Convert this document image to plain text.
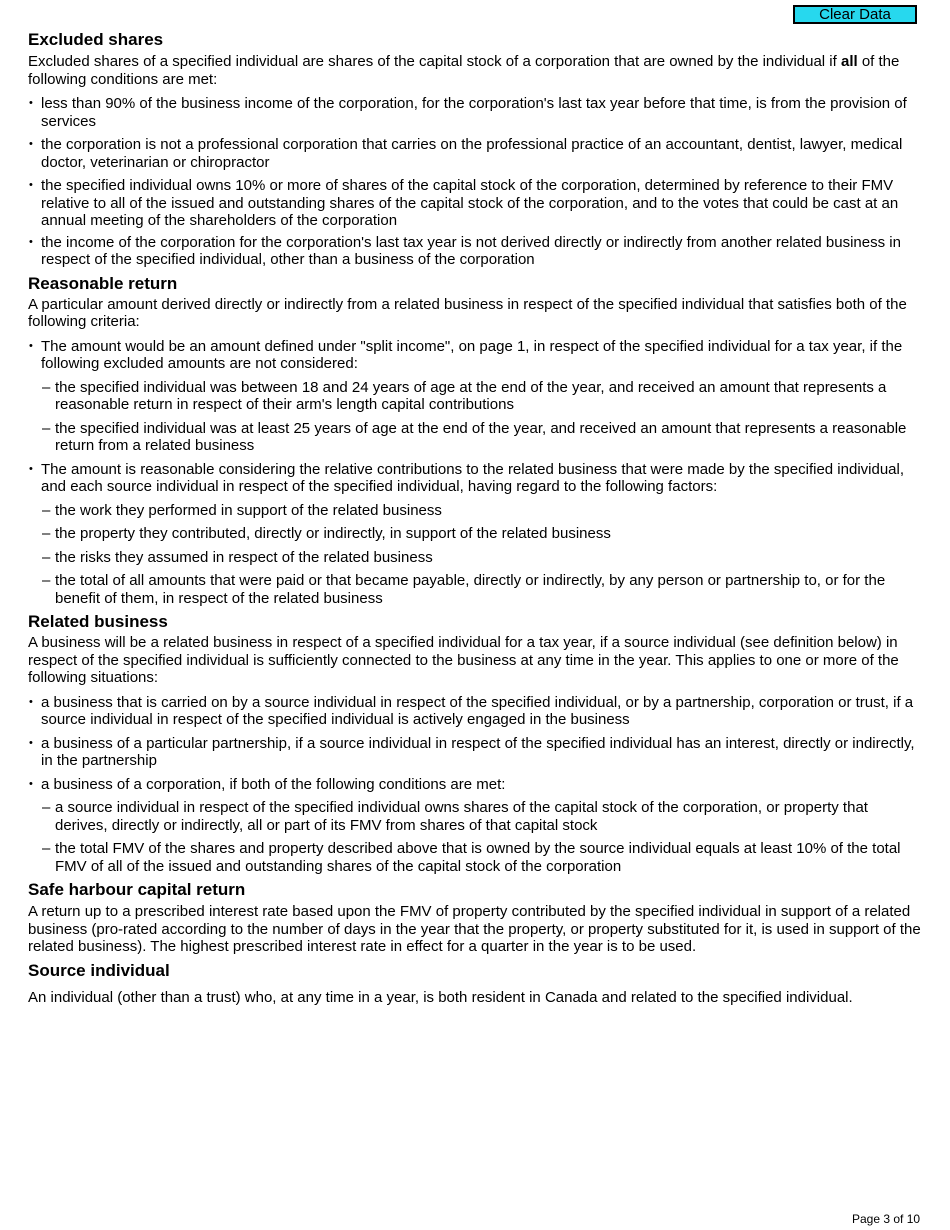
Clear Data
Excluded shares

Excluded shares of a specified individual are shares of the capital stock of a corporation that are owned by the individual if all of the following conditions are met:

• less than 90% of the business income of the corporation, for the corporation's last tax year before that time, is from the provision of services
• the corporation is not a professional corporation that carries on the professional practice of an accountant, dentist, lawyer, medical doctor, veterinarian or chiropractor
• the specified individual owns 10% or more of shares of the capital stock of the corporation, determined by reference to their FMV relative to all of the issued and outstanding shares of the capital stock of the corporation, and to the votes that could be cast at an annual meeting of the shareholders of the corporation
• the income of the corporation for the corporation's last tax year is not derived directly or indirectly from another related business in respect of the specified individual, other than a business of the corporation
Reasonable return

A particular amount derived directly or indirectly from a related business in respect of the specified individual that satisfies both of the following criteria:

• The amount would be an amount defined under "split income", on page 1, in respect of the specified individual for a tax year, if the following excluded amounts are not considered:
– the specified individual was between 18 and 24 years of age at the end of the year, and received an amount that represents a reasonable return in respect of their arm's length capital contributions
– the specified individual was at least 25 years of age at the end of the year, and received an amount that represents a reasonable return from a related business
• The amount is reasonable considering the relative contributions to the related business that were made by the specified individual, and each source individual in respect of the specified individual, having regard to the following factors:
– the work they performed in support of the related business
– the property they contributed, directly or indirectly, in support of the related business
– the risks they assumed in respect of the related business
– the total of all amounts that were paid or that became payable, directly or indirectly, by any person or partnership to, or for the benefit of them, in respect of the related business
Related business

A business will be a related business in respect of a specified individual for a tax year, if a source individual (see definition below) in respect of the specified individual is sufficiently connected to the business at any time in the year. This applies to one or more of the following situations:

• a business that is carried on by a source individual in respect of the specified individual, or by a partnership, corporation or trust, if a source individual in respect of the specified individual is actively engaged in the business
• a business of a particular partnership, if a source individual in respect of the specified individual has an interest, directly or indirectly, in the partnership
• a business of a corporation, if both of the following conditions are met:
– a source individual in respect of the specified individual owns shares of the capital stock of the corporation, or property that derives, directly or indirectly, all or part of its FMV from shares of that capital stock
– the total FMV of the shares and property described above that is owned by the source individual equals at least 10% of the total FMV of all of the issued and outstanding shares of the capital stock of the corporation
Safe harbour capital return

A return up to a prescribed interest rate based upon the FMV of property contributed by the specified individual in support of a related business (pro-rated according to the number of days in the year that the property, or property substituted for it, is used in support of the related business). The highest prescribed interest rate in effect for a quarter in the year is to be used.

Source individual

An individual (other than a trust) who, at any time in a year, is both resident in Canada and related to the specified individual.

Page 3 of 10
